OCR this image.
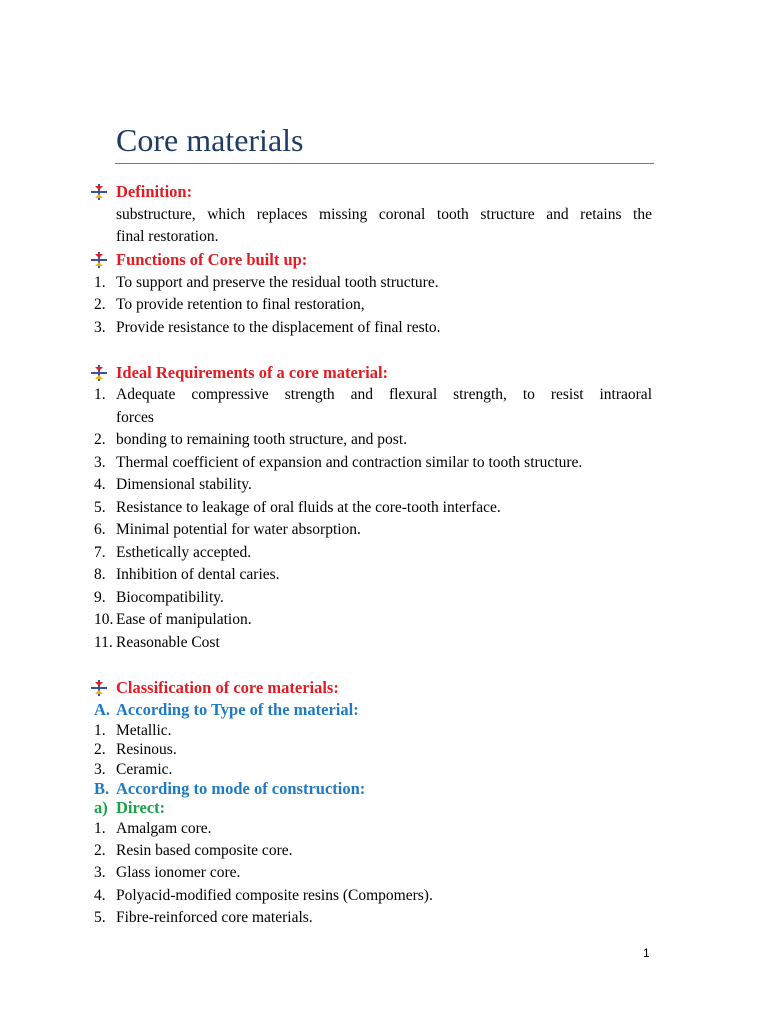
Core materials
Definition:
substructure, which replaces missing coronal tooth structure and retains the
final restoration.
Functions of Core built up:
1. To support and preserve the residual tooth structure.
2. To provide retention to final restoration,
3. Provide resistance to the displacement of final resto.
Ideal Requirements of a core material:
1. Adequate compressive strength and flexural strength, to resist intraoral
forces
2. bonding to remaining tooth structure, and post.
3. Thermal coefficient of expansion and contraction similar to tooth structure.
4. Dimensional stability.
5. Resistance to leakage of oral fluids at the core-tooth interface.
6. Minimal potential for water absorption.
7. Esthetically accepted.
8. Inhibition of dental caries.
9. Biocompatibility.
10. Ease of manipulation.
11. Reasonable Cost
Classification of core materials:
A. According to Type of the material:
1. Metallic.
2. Resinous.
3. Ceramic.
B. According to mode of construction:
a) Direct:
1. Amalgam core.
2. Resin based composite core.
3. Glass ionomer core.
4. Polyacid-modified composite resins (Compomers).
5. Fibre-reinforced core materials.
1
